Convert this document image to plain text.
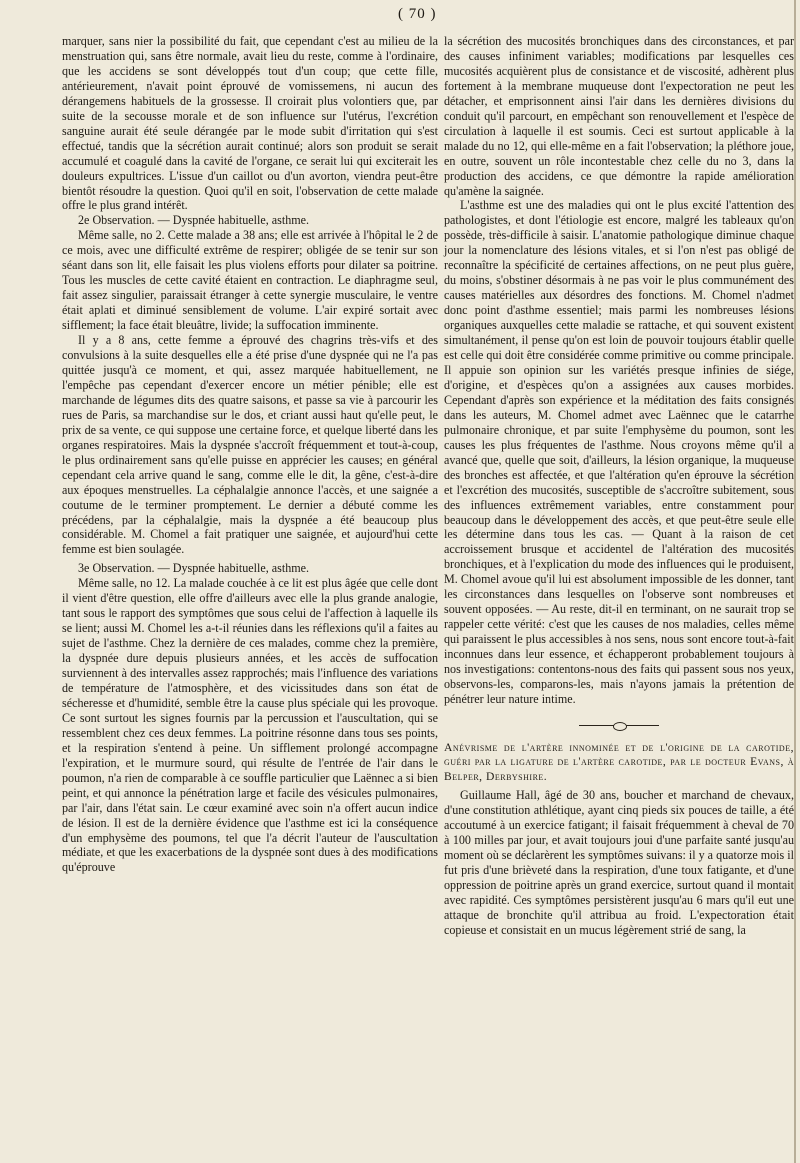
( 70 )

marquer, sans nier la possibilité du fait, que cependant c'est au milieu de la menstruation qui, sans être normale, avait lieu du reste, comme à l'ordinaire, que les accidens se sont développés tout d'un coup; que cette fille, antérieurement, n'avait point éprouvé de vomissemens, ni aucun des dérangemens habituels de la grossesse. Il croirait plus volontiers que, par suite de la secousse morale et de son influence sur l'utérus, l'excrétion sanguine aurait été seule dérangée par le mode subit d'irritation qui s'est effectué, tandis que la sécrétion aurait continué; alors son produit se serait accumulé et coagulé dans la cavité de l'organe, ce serait lui qui exciterait les douleurs expultrices. L'issue d'un caillot ou d'un avorton, viendra peut-être bientôt résoudre la question. Quoi qu'il en soit, l'observation de cette malade offre le plus grand intérêt.

2e Observation. — Dyspnée habituelle, asthme.

Même salle, no 2. Cette malade a 38 ans; elle est arrivée à l'hôpital le 2 de ce mois, avec une difficulté extrême de respirer; obligée de se tenir sur son séant dans son lit, elle faisait les plus violens efforts pour dilater sa poitrine. Tous les muscles de cette cavité étaient en contraction. Le diaphragme seul, fait assez singulier, paraissait étranger à cette synergie musculaire, le ventre était aplati et diminué sensiblement de volume. L'air expiré sortait avec sifflement; la face était bleuâtre, livide; la suffocation imminente.

Il y a 8 ans, cette femme a éprouvé des chagrins très-vifs et des convulsions à la suite desquelles elle a été prise d'une dyspnée qui ne l'a pas quittée jusqu'à ce moment, et qui, assez marquée habituellement, ne l'empêche pas cependant d'exercer encore un métier pénible; elle est marchande de légumes dits des quatre saisons, et passe sa vie à parcourir les rues de Paris, sa marchandise sur le dos, et criant aussi haut qu'elle peut, le prix de sa vente, ce qui suppose une certaine force, et quelque liberté dans les organes respiratoires. Mais la dyspnée s'accroît fréquemment et tout-à-coup, le plus ordinairement sans qu'elle puisse en apprécier les causes; en général cependant cela arrive quand le sang, comme elle le dit, la gêne, c'est-à-dire aux époques menstruelles. La céphalalgie annonce l'accès, et une saignée a coutume de le terminer promptement. Le dernier a débuté comme les précédens, par la céphalalgie, mais la dyspnée a été beaucoup plus considérable. M. Chomel a fait pratiquer une saignée, et aujourd'hui cette femme est bien soulagée.

3e Observation. — Dyspnée habituelle, asthme.

Même salle, no 12. La malade couchée à ce lit est plus âgée que celle dont il vient d'être question, elle offre d'ailleurs avec elle la plus grande analogie, tant sous le rapport des symptômes que sous celui de l'affection à laquelle ils se lient; aussi M. Chomel les a-t-il réunies dans les réflexions qu'il a faites au sujet de l'asthme. Chez la dernière de ces malades, comme chez la première, la dyspnée dure depuis plusieurs années, et les accès de suffocation surviennent à des intervalles assez rapprochés; mais l'influence des variations de température de l'atmosphère, et des vicissitudes dans son état de sécheresse et d'humidité, semble être la cause plus spéciale qui les provoque. Ce sont surtout les signes fournis par la percussion et l'auscultation, qui se ressemblent chez ces deux femmes. La poitrine résonne dans tous ses points, et la respiration s'entend à peine. Un sifflement prolongé accompagne l'expiration, et le murmure sourd, qui résulte de l'entrée de l'air dans le poumon, n'a rien de comparable à ce souffle particulier que Laënnec a si bien peint, et qui annonce la pénétration large et facile des vésicules pulmonaires, par l'air, dans l'état sain. Le cœur examiné avec soin n'a offert aucun indice de lésion. Il est de la dernière évidence que l'asthme est ici la conséquence d'un emphysème des poumons, tel que l'a décrit l'auteur de l'auscultation médiate, et que les exacerbations de la dyspnée sont dues à des modifications qu'éprouve

la sécrétion des mucosités bronchiques dans des circonstances, et par des causes infiniment variables; modifications par lesquelles ces mucosités acquièrent plus de consistance et de viscosité, adhèrent plus fortement à la membrane muqueuse dont l'expectoration ne peut les détacher, et emprisonnent ainsi l'air dans les dernières divisions du conduit qu'il parcourt, en empêchant son renouvellement et l'espèce de circulation à laquelle il est soumis. Ceci est surtout applicable à la malade du no 12, qui elle-même en a fait l'observation; la pléthore joue, en outre, souvent un rôle incontestable chez celle du no 3, dans la production des accidens, ce que démontre la rapide amélioration qu'amène la saignée.

L'asthme est une des maladies qui ont le plus excité l'attention des pathologistes, et dont l'étiologie est encore, malgré les tableaux qu'on possède, très-difficile à saisir. L'anatomie pathologique diminue chaque jour la nomenclature des lésions vitales, et si l'on n'est pas obligé de reconnaître la spécificité de certaines affections, on ne peut plus guère, du moins, s'obstiner désormais à ne pas voir le plus communément des causes matérielles aux désordres des fonctions. M. Chomel n'admet donc point d'asthme essentiel; mais parmi les nombreuses lésions organiques auxquelles cette maladie se rattache, et qui souvent existent simultanément, il pense qu'on est loin de pouvoir toujours établir quelle est celle qui doit être considérée comme primitive ou comme principale. Il appuie son opinion sur les variétés presque infinies de siége, d'origine, et d'espèces qu'on a assignées aux causes morbides. Cependant d'après son expérience et la méditation des faits consignés dans les auteurs, M. Chomel admet avec Laënnec que le catarrhe pulmonaire chronique, et par suite l'emphysème du poumon, sont les causes les plus fréquentes de l'asthme. Nous croyons même qu'il a avancé que, quelle que soit, d'ailleurs, la lésion organique, la muqueuse des bronches est affectée, et que l'altération qu'en éprouve la sécrétion et l'excrétion des mucosités, susceptible de s'accroître subitement, sous des influences extrêmement variables, entre constamment pour beaucoup dans le développement des accès, et que peut-être seule elle les détermine dans tous les cas. — Quant à la raison de cet accroissement brusque et accidentel de l'altération des mucosités bronchiques, et à l'explication du mode des influences qui le produisent, M. Chomel avoue qu'il lui est absolument impossible de les donner, tant les circonstances dans lesquelles on l'observe sont nombreuses et souvent opposées. — Au reste, dit-il en terminant, on ne saurait trop se rappeler cette vérité: c'est que les causes de nos maladies, celles même qui paraissent le plus accessibles à nos sens, nous sont encore tout-à-fait inconnues dans leur essence, et échapperont probablement toujours à nos investigations: contentons-nous des faits qui passent sous nos yeux, observons-les, comparons-les, mais n'ayons jamais la prétention de pénétrer leur nature intime.

Anévrisme de l'artère innominée et de l'origine de la carotide, guéri par la ligature de l'artère carotide, par le docteur Evans, à Belper, Derbyshire.

Guillaume Hall, âgé de 30 ans, boucher et marchand de chevaux, d'une constitution athlétique, ayant cinq pieds six pouces de taille, a été accoutumé à un exercice fatigant; il faisait fréquemment à cheval de 70 à 100 milles par jour, et avait toujours joui d'une parfaite santé jusqu'au moment où se déclarèrent les symptômes suivans: il y a quatorze mois il fut pris d'une brièveté dans la respiration, d'une toux fatigante, et d'une oppression de poitrine après un grand exercice, surtout quand il montait avec rapidité. Ces symptômes persistèrent jusqu'au 6 mars qu'il eut une attaque de bronchite qu'il attribua au froid. L'expectoration était copieuse et consistait en un mucus légèrement strié de sang, la
